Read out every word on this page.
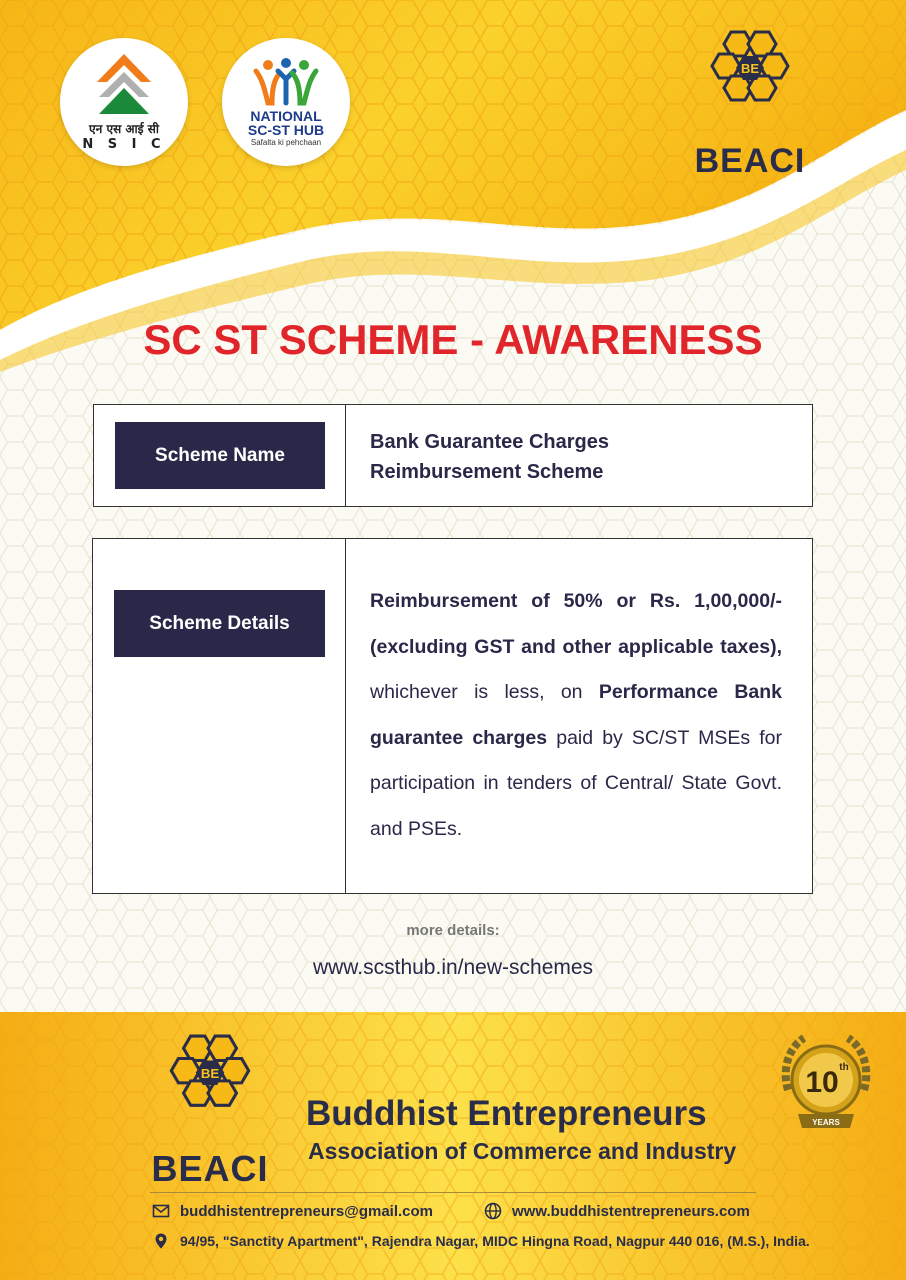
एन एस आई सी
N S I C
NATIONAL
SC-ST HUB
Safalta ki pehchaan
BE
BEACI
SC ST SCHEME - AWARENESS
Scheme Name
Bank Guarantee Charges
Reimbursement Scheme
Scheme Details
Reimbursement of 50% or Rs. 1,00,000/- (excluding GST and other applicable taxes), whichever is less, on Performance Bank guarantee charges paid by SC/ST MSEs for participation in tenders of Central/ State Govt. and PSEs.
more details:
www.scsthub.in/new-schemes
BE
BEACI
Buddhist Entrepreneurs
Association of Commerce and Industry
10 th
YEARS
buddhistentrepreneurs@gmail.com	www.buddhistentrepreneurs.com
94/95, "Sanctity Apartment", Rajendra Nagar, MIDC Hingna Road, Nagpur 440 016, (M.S.), India.
